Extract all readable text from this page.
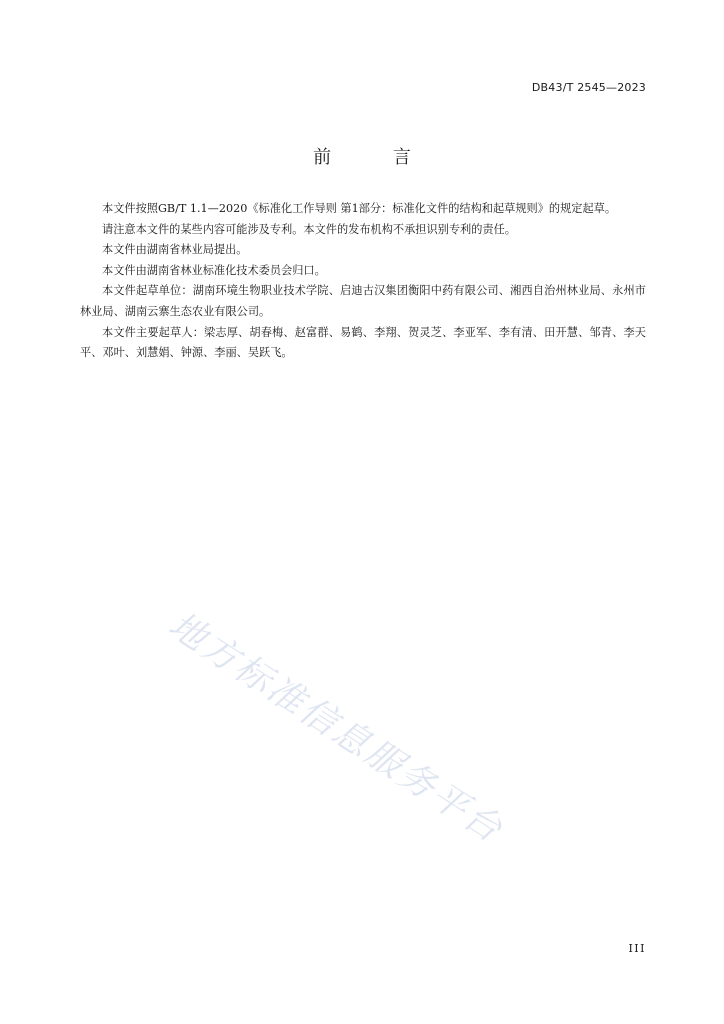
DB43/T 2545—2023
前 言

本文件按照GB/T 1.1—2020《标准化工作导则 第1部分：标准化文件的结构和起草规则》的规定起草。

请注意本文件的某些内容可能涉及专利。本文件的发布机构不承担识别专利的责任。

本文件由湖南省林业局提出。

本文件由湖南省林业标准化技术委员会归口。

本文件起草单位：湖南环境生物职业技术学院、启迪古汉集团衡阳中药有限公司、湘西自治州林业局、永州市林业局、湖南云寨生态农业有限公司。

本文件主要起草人：梁志厚、胡春梅、赵富群、易鹤、李翔、贺灵芝、李亚军、李有清、田开慧、邹青、李天平、邓叶、刘慧娟、钟源、李丽、吴跃飞。

地方标准信息服务平台
III
